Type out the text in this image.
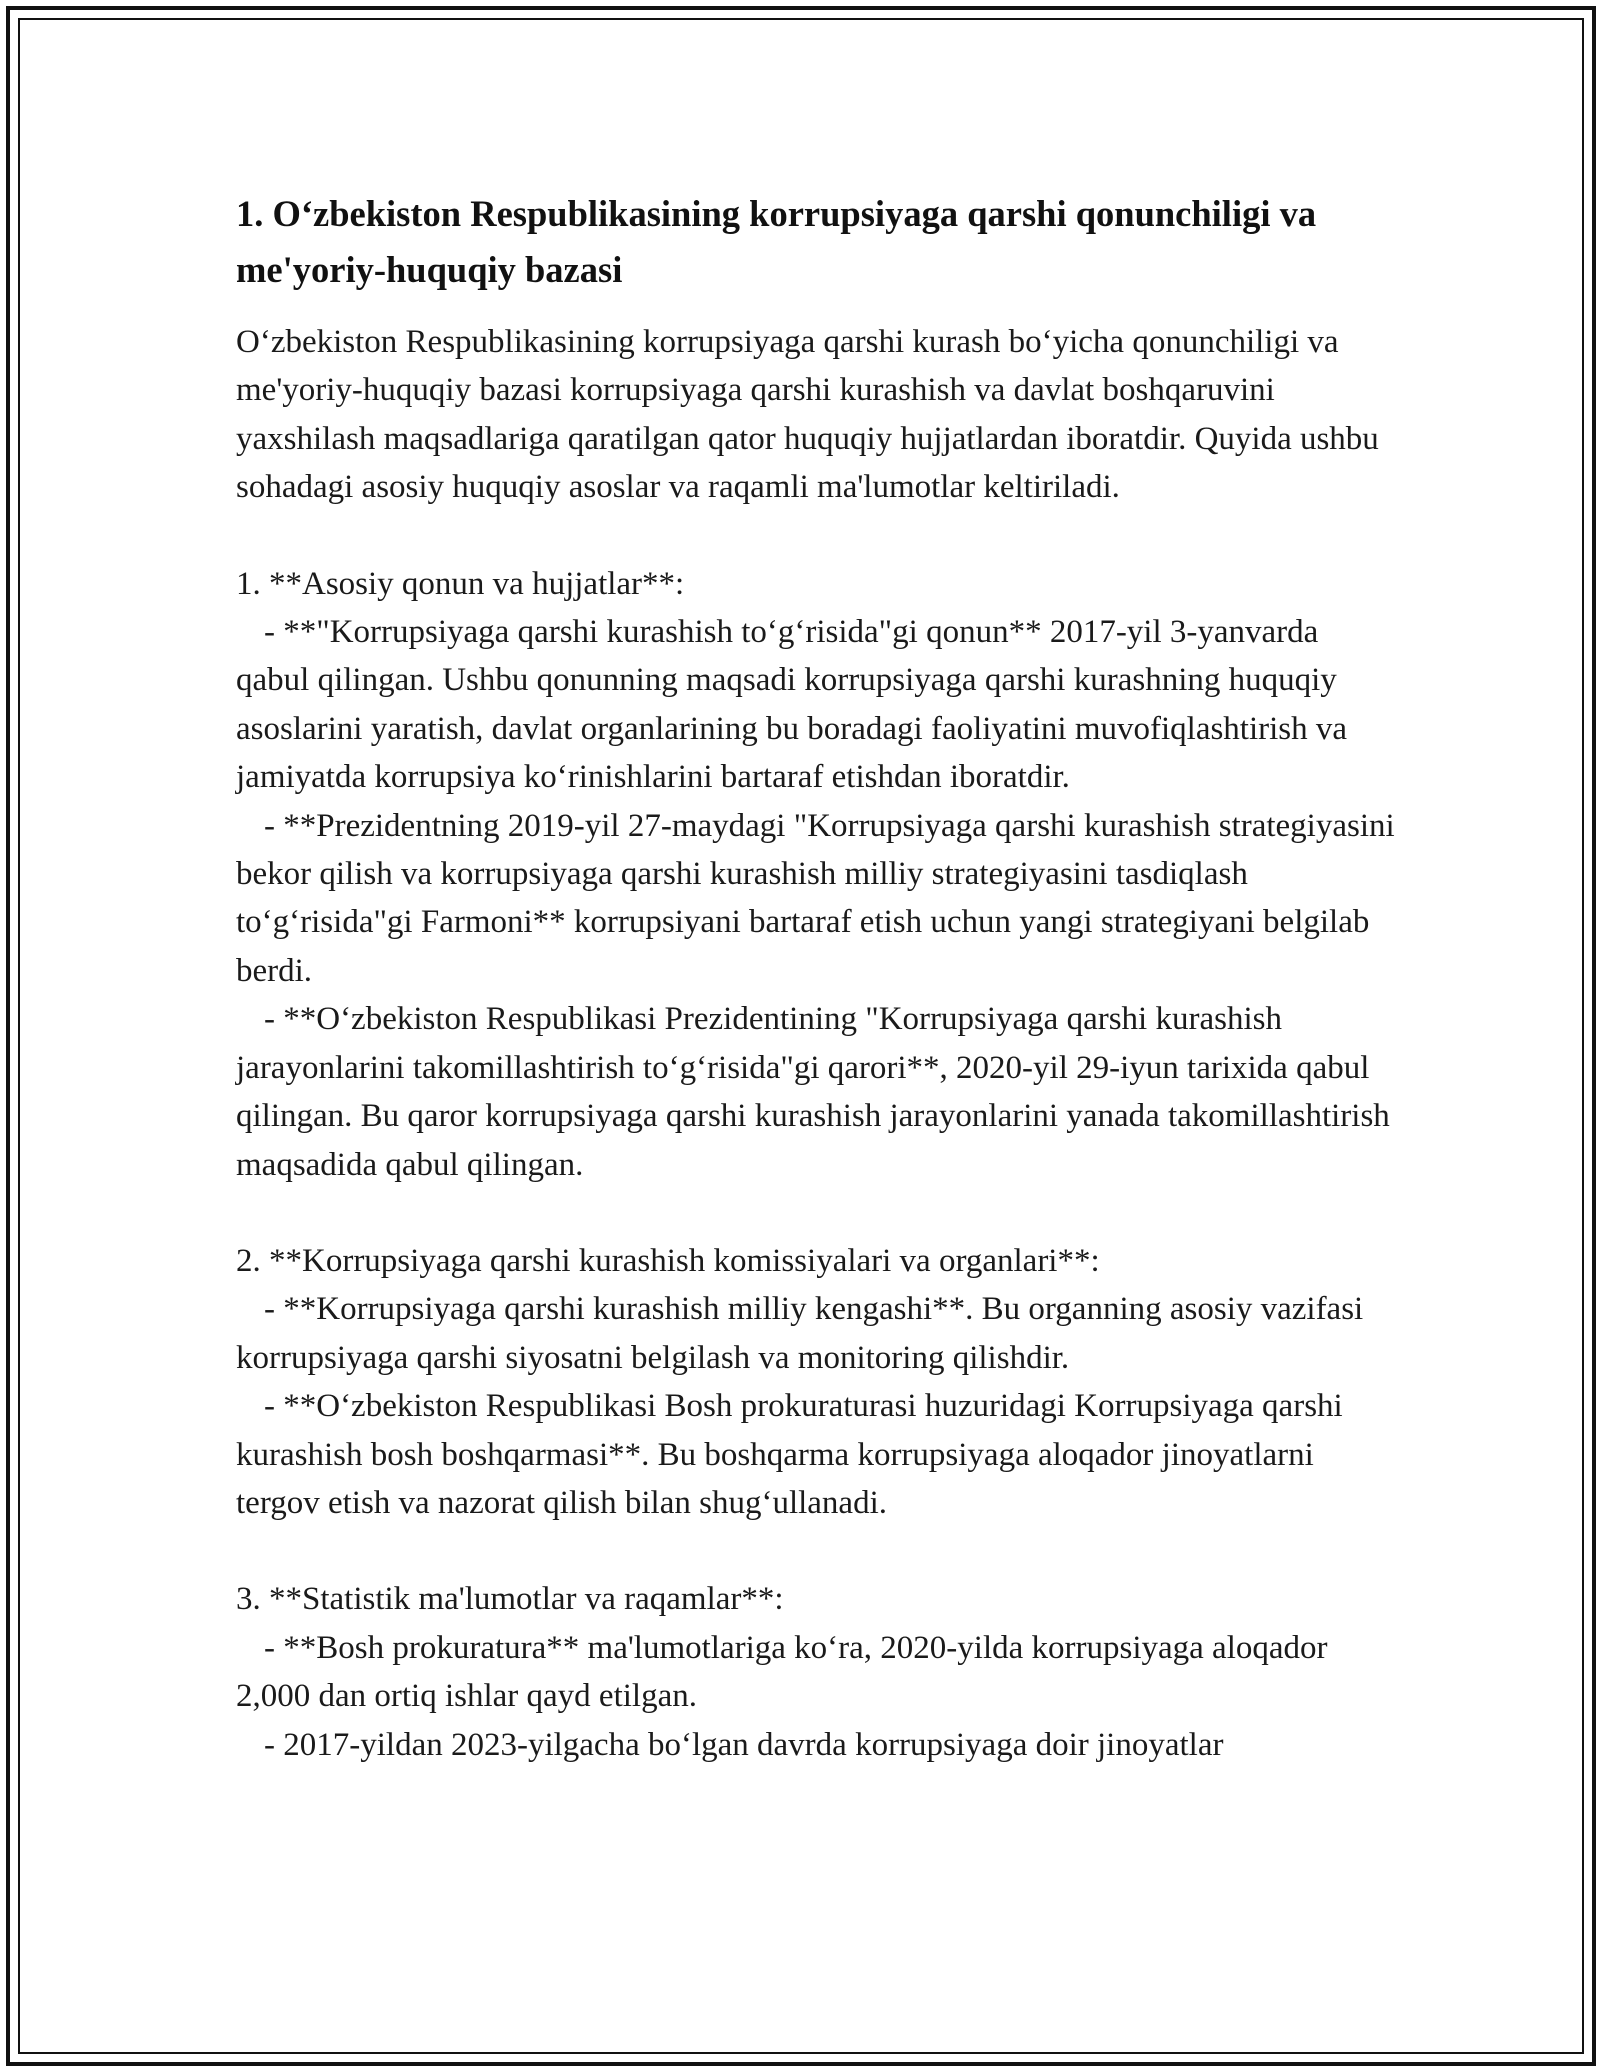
1. O‘zbekiston Respublikasining korrupsiyaga qarshi qonunchiligi va me'yoriy-huquqiy bazasi

O‘zbekiston Respublikasining korrupsiyaga qarshi kurash bo‘yicha qonunchiligi va me'yoriy-huquqiy bazasi korrupsiyaga qarshi kurashish va davlat boshqaruvini yaxshilash maqsadlariga qaratilgan qator huquqiy hujjatlardan iboratdir. Quyida ushbu sohadagi asosiy huquqiy asoslar va raqamli ma'lumotlar keltiriladi.

1. **Asosiy qonun va hujjatlar**:
- **"Korrupsiyaga qarshi kurashish to‘g‘risida"gi qonun** 2017-yil 3-yanvarda qabul qilingan. Ushbu qonunning maqsadi korrupsiyaga qarshi kurashning huquqiy asoslarini yaratish, davlat organlarining bu boradagi faoliyatini muvofiqlashtirish va jamiyatda korrupsiya ko‘rinishlarini bartaraf etishdan iboratdir.
- **Prezidentning 2019-yil 27-maydagi "Korrupsiyaga qarshi kurashish strategiyasini bekor qilish va korrupsiyaga qarshi kurashish milliy strategiyasini tasdiqlash to‘g‘risida"gi Farmoni** korrupsiyani bartaraf etish uchun yangi strategiyani belgilab berdi.
- **O‘zbekiston Respublikasi Prezidentining "Korrupsiyaga qarshi kurashish jarayonlarini takomillashtirish to‘g‘risida"gi qarori**, 2020-yil 29-iyun tarixida qabul qilingan. Bu qaror korrupsiyaga qarshi kurashish jarayonlarini yanada takomillashtirish maqsadida qabul qilingan.
2. **Korrupsiyaga qarshi kurashish komissiyalari va organlari**:
- **Korrupsiyaga qarshi kurashish milliy kengashi**. Bu organning asosiy vazifasi korrupsiyaga qarshi siyosatni belgilash va monitoring qilishdir.
- **O‘zbekiston Respublikasi Bosh prokuraturasi huzuridagi Korrupsiyaga qarshi kurashish bosh boshqarmasi**. Bu boshqarma korrupsiyaga aloqador jinoyatlarni tergov etish va nazorat qilish bilan shug‘ullanadi.
3. **Statistik ma'lumotlar va raqamlar**:
- **Bosh prokuratura** ma'lumotlariga ko‘ra, 2020-yilda korrupsiyaga aloqador 2,000 dan ortiq ishlar qayd etilgan.
- 2017-yildan 2023-yilgacha bo‘lgan davrda korrupsiyaga doir jinoyatlar
